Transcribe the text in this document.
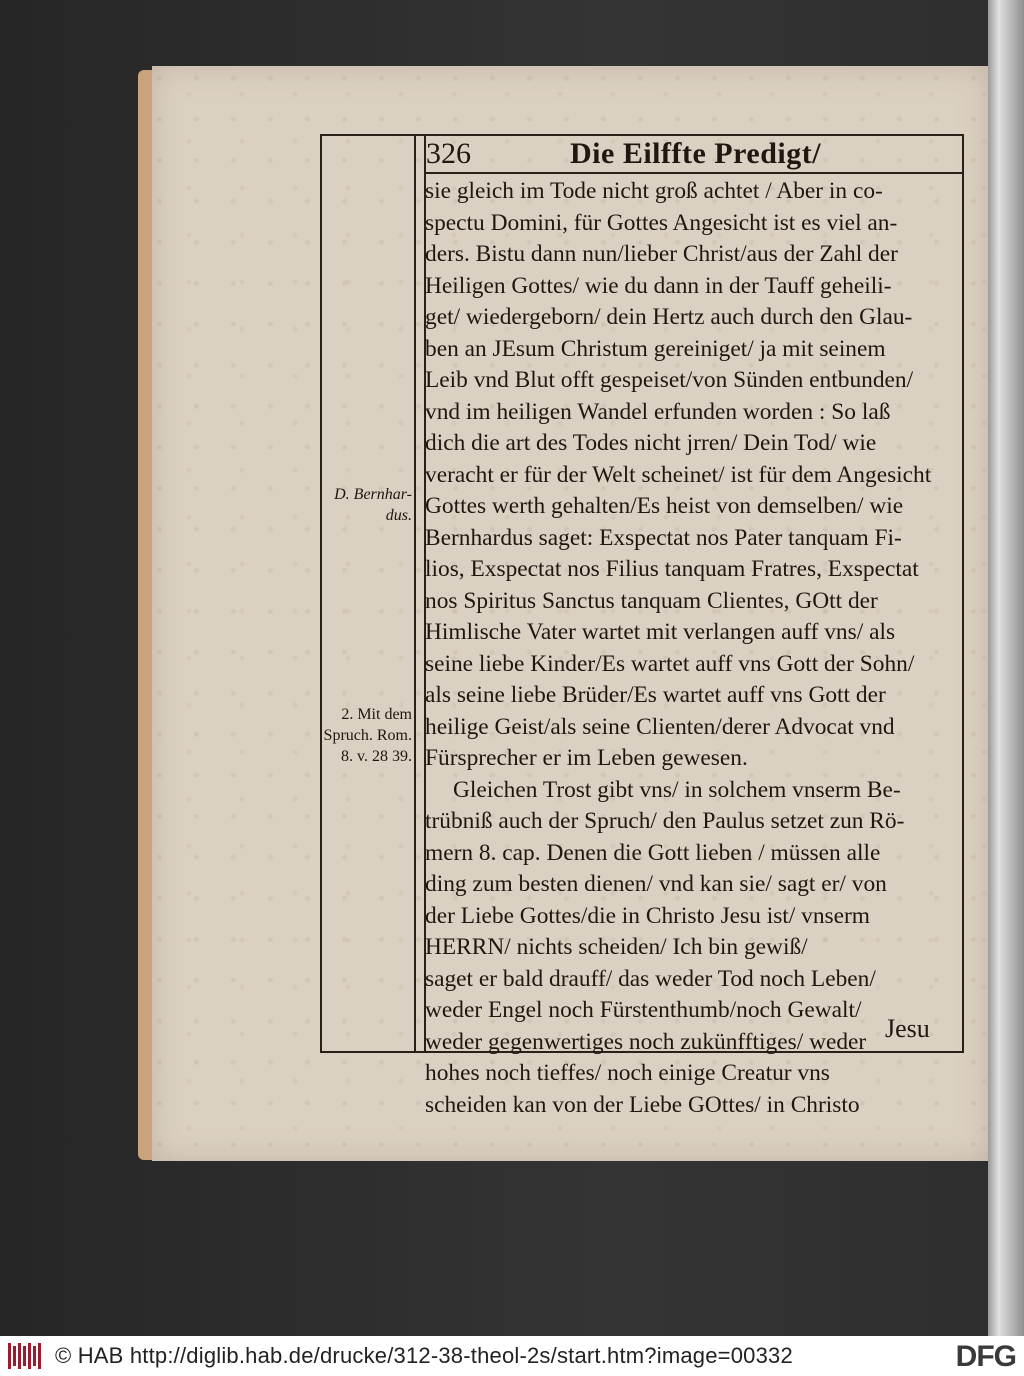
326	Die Eilffte Predigt/
sie gleich im Tode nicht groß achtet / Aber in co-
spectu Domini, für Gottes Angesicht ist es viel an-
ders. Bistu dann nun/lieber Christ/aus der Zahl der
Heiligen Gottes/ wie du dann in der Tauff geheili-
get/ wiedergeborn/ dein Hertz auch durch den Glau-
ben an JEsum Christum gereiniget/ ja mit seinem
Leib vnd Blut offt gespeiset/von Sünden entbunden/
vnd im heiligen Wandel erfunden worden : So laß
dich die art des Todes nicht jrren/ Dein Tod/ wie
veracht er für der Welt scheinet/ ist für dem Angesicht
Gottes werth gehalten/Es heist von demselben/ wie
Bernhardus saget: Exspectat nos Pater tanquam Fi-
lios, Exspectat nos Filius tanquam Fratres, Exspectat
nos Spiritus Sanctus tanquam Clientes, GOtt der
Himlische Vater wartet mit verlangen auff vns/ als
seine liebe Kinder/Es wartet auff vns Gott der Sohn/
als seine liebe Brüder/Es wartet auff vns Gott der
heilige Geist/als seine Clienten/derer Advocat vnd
Fürsprecher er im Leben gewesen.
Gleichen Trost gibt vns/ in solchem vnserm Be-
trübniß auch der Spruch/ den Paulus setzet zun Rö-
mern 8. cap. Denen die Gott lieben / müssen alle
ding zum besten dienen/ vnd kan sie/ sagt er/ von
der Liebe Gottes/die in Christo Jesu ist/ vnserm
HERRN/ nichts scheiden/ Ich bin gewiß/
saget er bald drauff/ das weder Tod noch Leben/
weder Engel noch Fürstenthumb/noch Gewalt/
weder gegenwertiges noch zukünfftiges/ weder
hohes noch tieffes/ noch einige Creatur vns
scheiden kan von der Liebe GOttes/ in Christo
Jesu
D. Bernhar- dus.
2. Mit dem Spruch. Rom. 8. v. 28 39.
© HAB http://diglib.hab.de/drucke/312-38-theol-2s/start.htm?image=00332	DFG
